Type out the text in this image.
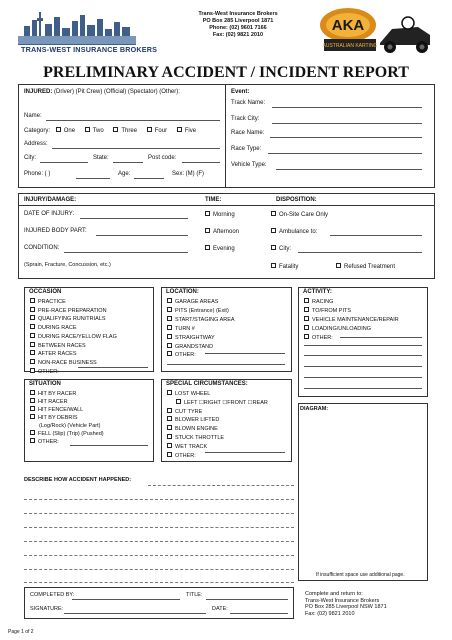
TRANS-WEST INSURANCE BROKERS
Trans-West Insurance Brokers
PO Box 285 Liverpool 1871
Phone: (02) 9601 7166
Fax: (02) 9821 2010
AKA
AUSTRALIAN KARTING
PRELIMINARY ACCIDENT / INCIDENT REPORT
INJURED: (Driver) (Pit Crew) (Official) (Spectator) (Other):
Name:
Category: One	Two	Three	Four	Five
Address:
City:	State:	Post code:
Phone: ( )	Age:	Sex: (M) (F)
Event:
Track Name:
Track City:
Race Name:
Race Type:
Vehicle Type:
INJURY/DAMAGE:	TIME:	DISPOSITION:
DATE OF INJURY:
INJURED BODY PART:
CONDITION:
(Sprain, Fracture, Concussion, etc.)
Morning
Afternoon
Evening
On-Site Care Only
Ambulance to:
City:
Fatality	Refused Treatment
OCCASION
PRACTICE
PRE-RACE PREPARATION
QUALIFYING RUN/TRIALS
DURING RACE
DURING RACE/YELLOW FLAG
BETWEEN RACES
AFTER RACES
NON-RACE BUSINESS
OTHER:
LOCATION:
GARAGE AREAS
PITS (Entrance) (Exit)
START/STAGING AREA
TURN #
STRAIGHTWAY
GRANDSTAND
OTHER:
ACTIVITY:
RACING
TO/FROM PITS
VEHICLE MAINTENANCE/REPAIR
LOADING/UNLOADING
OTHER:
SITUATION
HIT BY RACER
HIT RACER
HIT FENCE/WALL
HIT BY DEBRIS
(Log/Rock) (Vehicle Part)
FELL (Slip) (Trip) (Pushed)
OTHER:
SPECIAL CIRCUMSTANCES:
LOST WHEEL
LEFT ☐RIGHT ☐FRONT ☐REAR
CUT TYRE
BLOWER LIFTED
BLOWN ENGINE
STUCK THROTTLE
WET TRACK
OTHER:
DIAGRAM:
DESCRIBE HOW ACCIDENT HAPPENED:
If insufficient space use additional page.
COMPLETED BY:	TITLE:
SIGNATURE:	DATE:
Complete and return to:
Trans-West Insurance Brokers
PO Box 285 Liverpool NSW 1871
Fax: (02) 9821 2010
Page 1 of 2
